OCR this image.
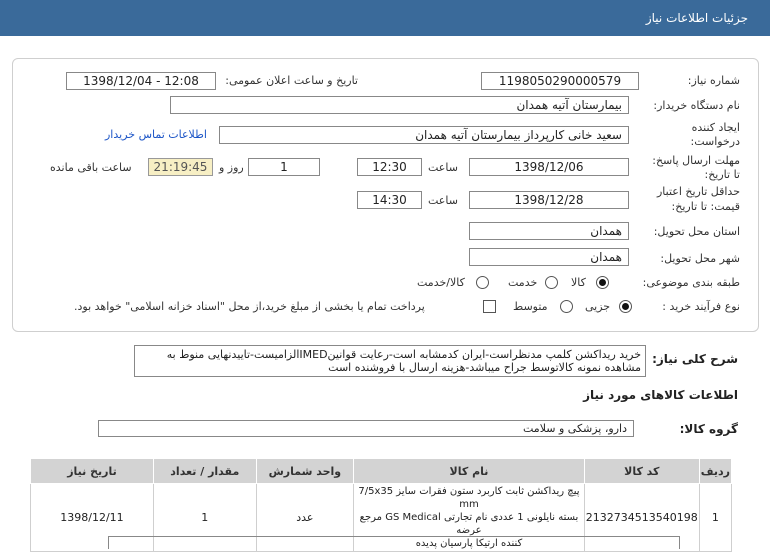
جزئیات اطلاعات نیاز
شماره نیاز:
1198050290000579
تاریخ و ساعت اعلان عمومی:
1398/12/04 - 12:08
نام دستگاه خریدار:
بیمارستان آتیه همدان
ایجاد کننده
درخواست:
سعید خانی کارپرداز بیمارستان آتیه همدان
اطلاعات تماس خریدار
مهلت ارسال پاسخ:
تا تاریخ:
1398/12/06
ساعت
12:30
1
روز و
21:19:45
ساعت باقی مانده
حداقل تاریخ اعتبار
قیمت: تا تاریخ:
1398/12/28
ساعت
14:30
استان محل تحویل:
همدان
شهر محل تحویل:
همدان
طبقه بندی موضوعی:
کالا
خدمت
کالا/خدمت
نوع فرآیند خرید :
جزیی
متوسط
پرداخت تمام یا بخشی از مبلغ خرید،از محل "اسناد خزانه اسلامی" خواهد بود.
شرح کلی نیاز:
خرید ریداکشن کلمپ مدنظراست-ایران کدمشابه است-رعایت قوانینIMEDالزامیست-تاییدنهایی منوط به مشاهده نمونه کالاتوسط جراح میباشد-هزینه ارسال با فروشنده است
اطلاعات کالاهای مورد نیاز
گروه کالا:
دارو، پزشکی و سلامت
ردیف	کد کالا	نام کالا	واحد شمارش	مقدار / تعداد	تاریخ نیاز
1	2132734513540198	پیچ ریداکشن ثابت کاربرد ستون فقرات سایز 7/5x35 mm
بسته نایلونی 1 عددی نام تجارتی GS Medical مرجع عرضه
کننده ارتیکا پارسیان پدیده	عدد	1	1398/12/11
